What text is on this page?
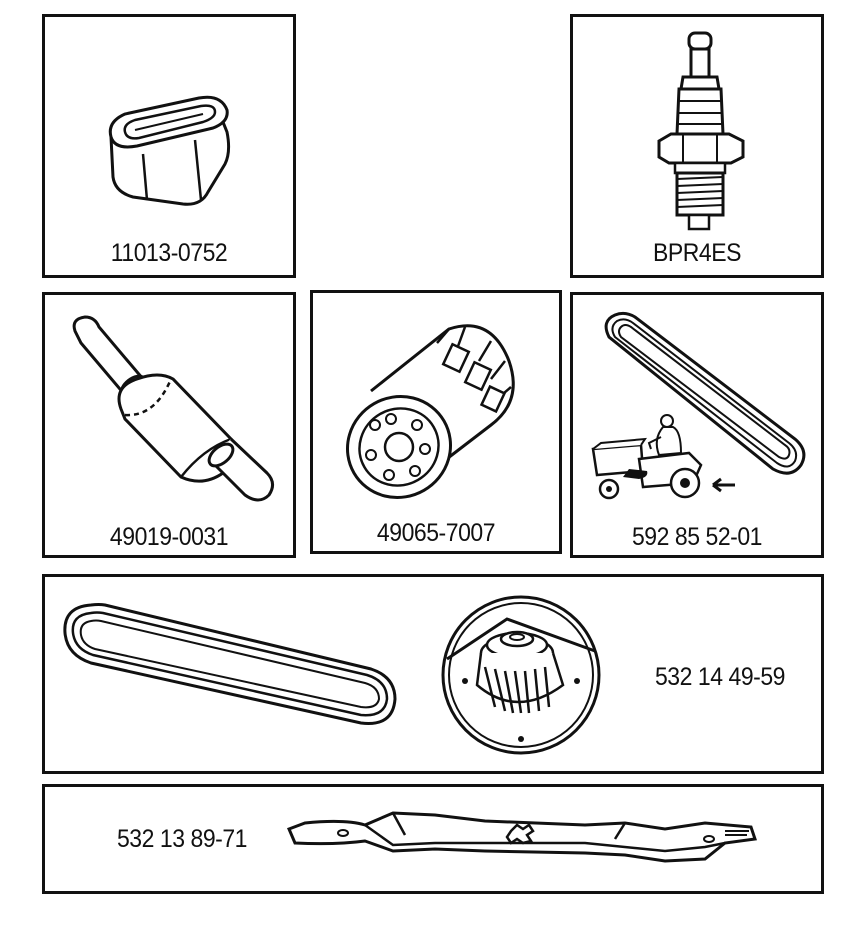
11013-0752	BPR4ES
49019-0031	49065-7007	592 85 52-01
532 14 49-59
532 13 89-71
